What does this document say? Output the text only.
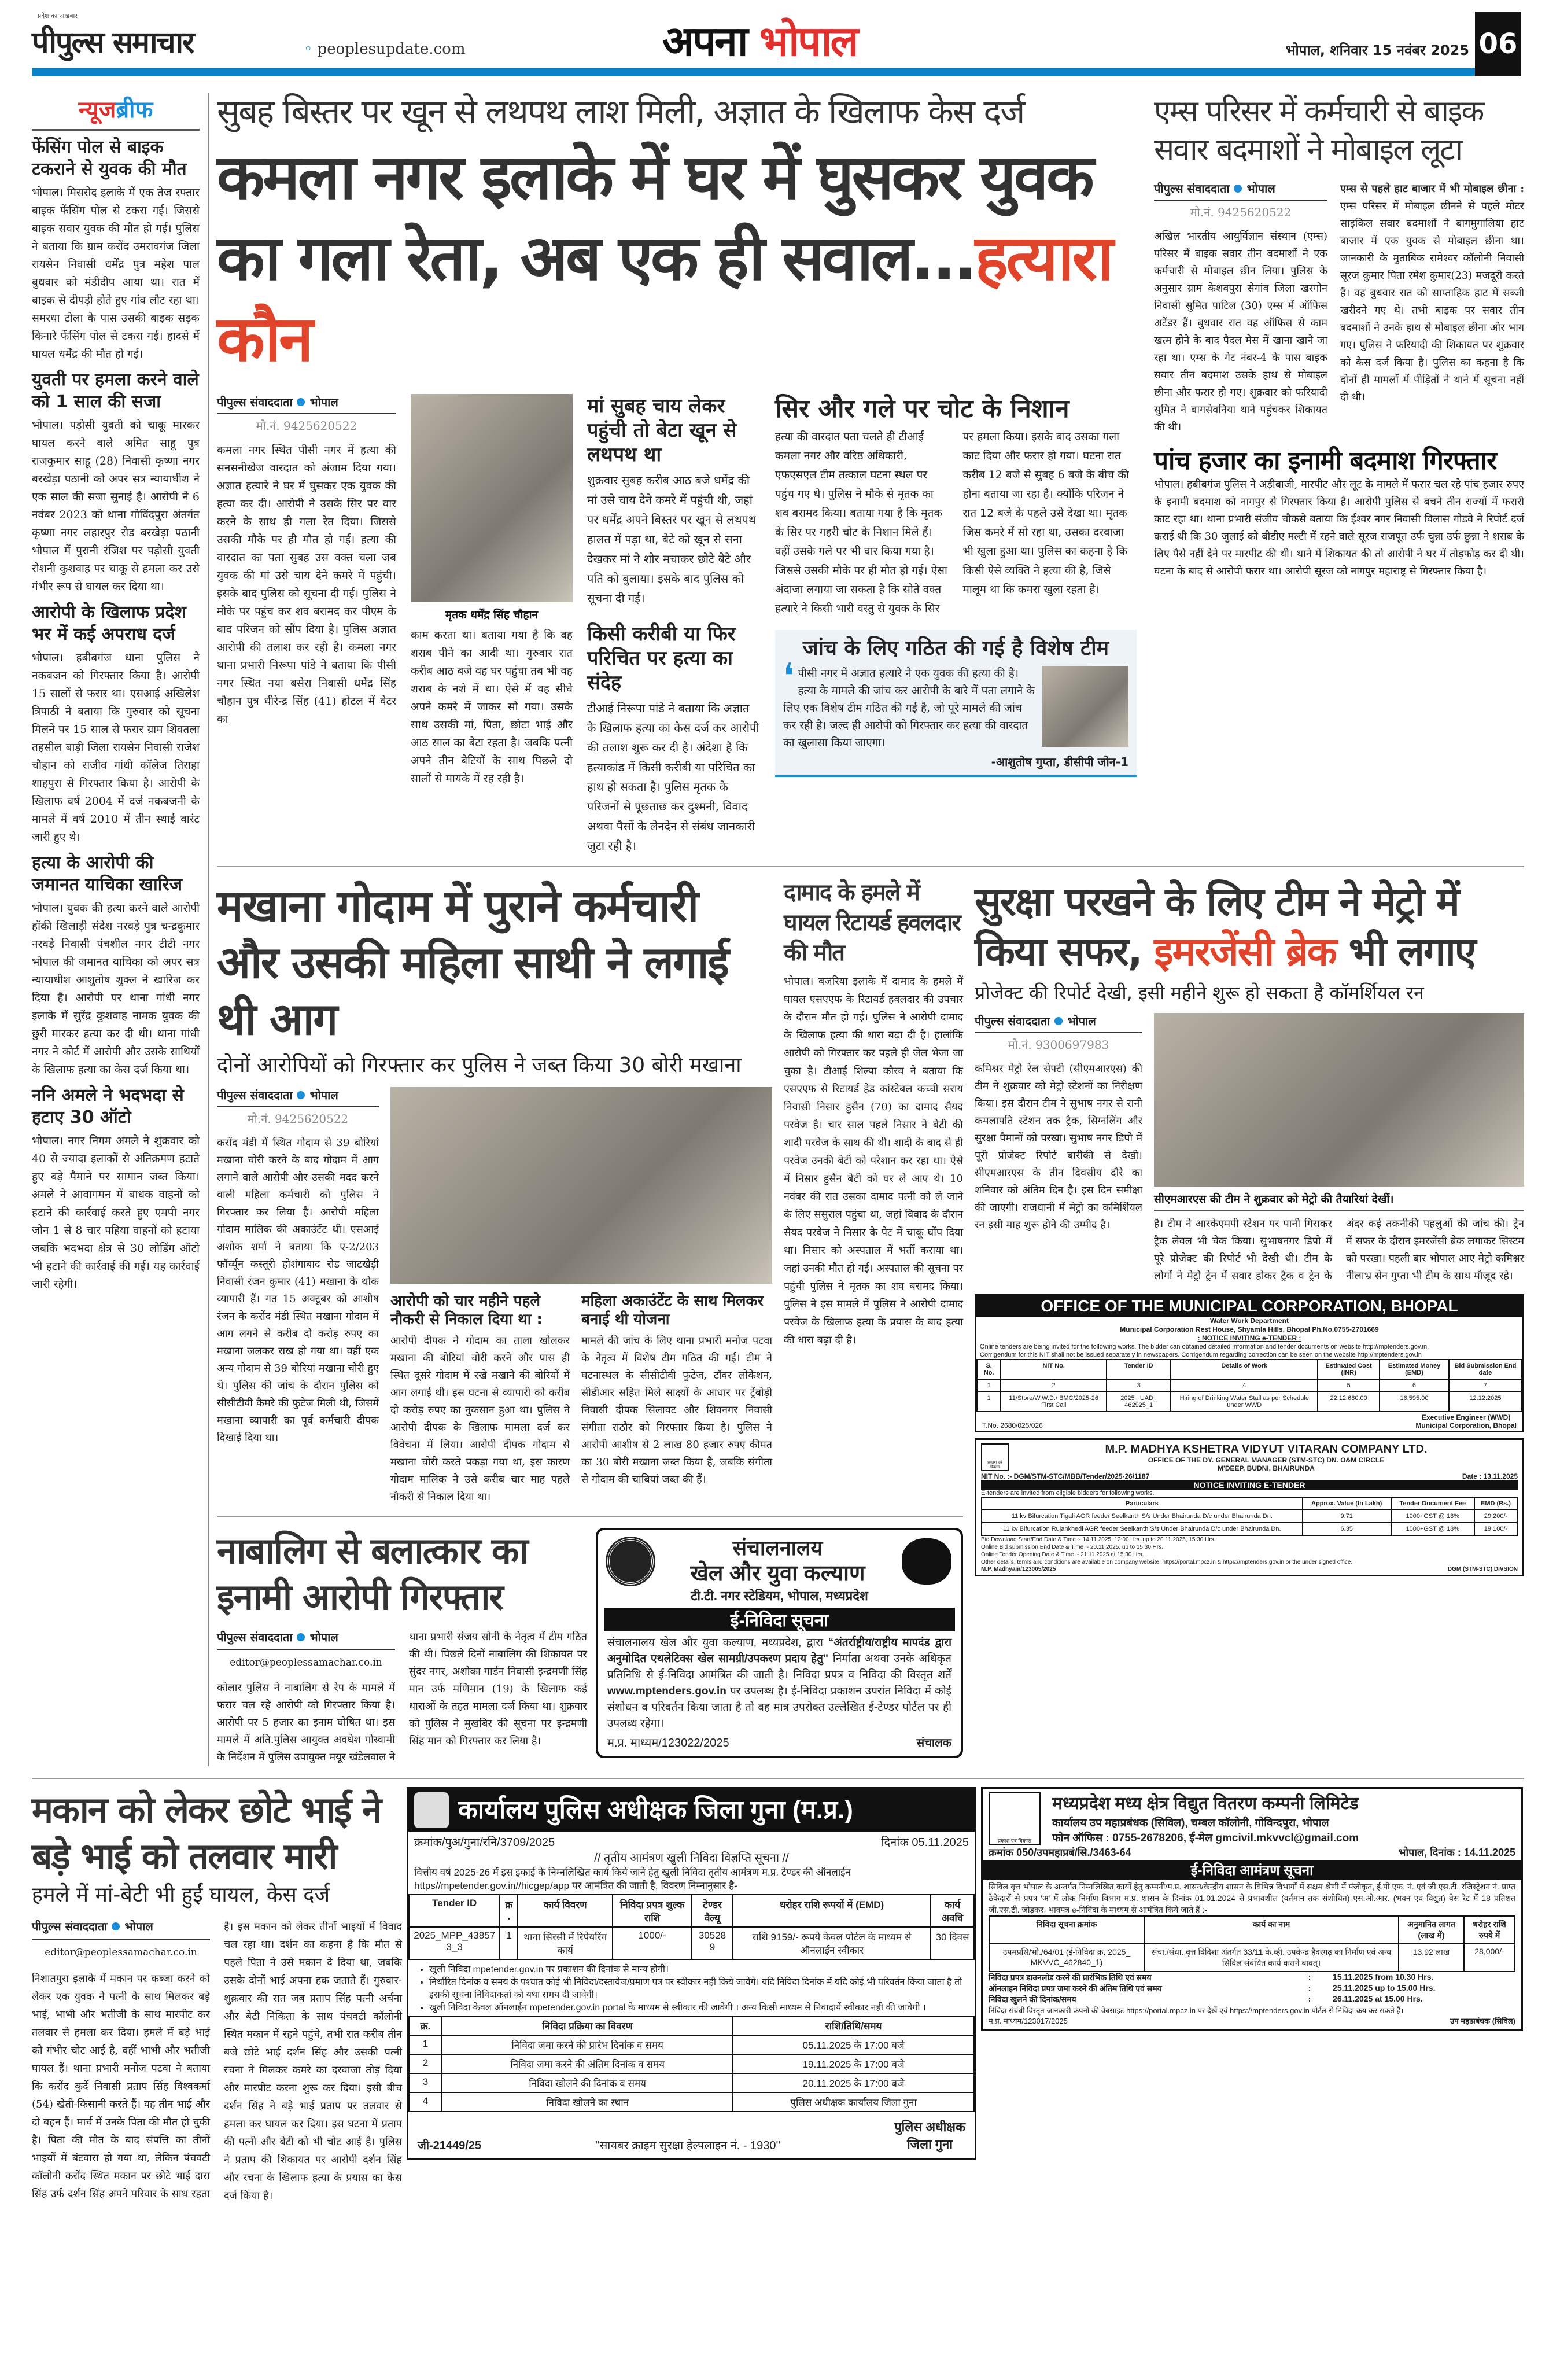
प्रदेश का अख़बार
पीपुल्स समाचार	◦ peoplesupdate.com	अपना भोपाल	भोपाल, शनिवार 15 नवंबर 2025 06
न्यूजब्रीफ
फेंसिंग पोल से बाइक टकराने से युवक की मौत
भोपाल। मिसरोद इलाके में एक तेज रफ्तार बाइक फेंसिंग पोल से टकरा गई। जिससे बाइक सवार युवक की मौत हो गई। पुलिस ने बताया कि ग्राम करोंद उमरावगंज जिला रायसेन निवासी धर्मेंद्र पुत्र महेश पाल बुधवार को मंडीदीप आया था। रात में बाइक से दीपड़ी होते हुए गांव लौट रहा था। समरधा टोला के पास उसकी बाइक सड़क किनारे फेंसिंग पोल से टकरा गई। हादसे में घायल धर्मेंद्र की मौत हो गई।
युवती पर हमला करने वाले को 1 साल की सजा
भोपाल। पड़ोसी युवती को चाकू मारकर घायल करने वाले अमित साहू पुत्र राजकुमार साहू (28) निवासी कृष्णा नगर बरखेड़ा पठानी को अपर सत्र न्यायाधीश ने एक साल की सजा सुनाई है। आरोपी ने 6 नवंबर 2023 को थाना गोविंदपुरा अंतर्गत कृष्णा नगर लहारपुर रोड बरखेड़ा पठानी भोपाल में पुरानी रंजिश पर पड़ोसी युवती रोशनी कुशवाह पर चाकू से हमला कर उसे गंभीर रूप से घायल कर दिया था।
आरोपी के खिलाफ प्रदेश भर में कई अपराध दर्ज
भोपाल। हबीबगंज थाना पुलिस ने नकबजन को गिरफ्तार किया है। आरोपी 15 सालों से फरार था। एसआई अखिलेश त्रिपाठी ने बताया कि गुरुवार को सूचना मिलने पर 15 साल से फरार ग्राम शिवतला तहसील बाड़ी जिला रायसेन निवासी राजेश चौहान को राजीव गांधी कॉलेज तिराहा शाहपुरा से गिरफ्तार किया है। आरोपी के खिलाफ वर्ष 2004 में दर्ज नकबजनी के मामले में वर्ष 2010 में तीन स्थाई वारंट जारी हुए थे।
हत्या के आरोपी की जमानत याचिका खारिज
भोपाल। युवक की हत्या करने वाले आरोपी हॉकी खिलाड़ी संदेश नरवड़े पुत्र चन्द्रकुमार नरवड़े निवासी पंचशील नगर टीटी नगर भोपाल की जमानत याचिका को अपर सत्र न्यायाधीश आशुतोष शुक्ल ने खारिज कर दिया है। आरोपी पर थाना गांधी नगर इलाके में सुरेंद्र कुशवाह नामक युवक की छुरी मारकर हत्या कर दी थी। थाना गांधी नगर ने कोर्ट में आरोपी और उसके साथियों के खिलाफ हत्या का केस दर्ज किया था।
ननि अमले ने भदभदा से हटाए 30 ऑटो
भोपाल। नगर निगम अमले ने शुक्रवार को 40 से ज्यादा इलाकों से अतिक्रमण हटाते हुए बड़े पैमाने पर सामान जब्त किया। अमले ने आवागमन में बाधक वाहनों को हटाने की कार्रवाई करते हुए एमपी नगर जोन 1 से 8 चार पहिया वाहनों को हटाया जबकि भदभदा क्षेत्र से 30 लोडिंग ऑटो भी हटाने की कार्रवाई की गई। यह कार्रवाई जारी रहेगी।
सुबह बिस्तर पर खून से लथपथ लाश मिली, अज्ञात के खिलाफ केस दर्ज
कमला नगर इलाके में घर में घुसकर युवक का गला रेता, अब एक ही सवाल...हत्यारा कौन
पीपुल्स संवाददाता भोपाल
मो.नं. 9425620522
कमला नगर स्थित पीसी नगर में हत्या की सनसनीखेज वारदात को अंजाम दिया गया। अज्ञात हत्यारे ने घर में घुसकर एक युवक की हत्या कर दी। आरोपी ने उसके सिर पर वार करने के साथ ही गला रेत दिया। जिससे उसकी मौके पर ही मौत हो गई। हत्या की वारदात का पता सुबह उस वक्त चला जब युवक की मां उसे चाय देने कमरे में पहुंची। इसके बाद पुलिस को सूचना दी गई। पुलिस ने मौके पर पहुंच कर शव बरामद कर पीएम के बाद परिजन को सौंप दिया है। पुलिस अज्ञात आरोपी की तलाश कर रही है। कमला नगर थाना प्रभारी निरूपा पांडे ने बताया कि पीसी नगर स्थित नया बसेरा निवासी धर्मेंद्र सिंह चौहान पुत्र धीरेन्द्र सिंह (41) होटल में वेटर का
मृतक धर्मेंद्र सिंह चौहान
काम करता था। बताया गया है कि वह शराब पीने का आदी था। गुरुवार रात करीब आठ बजे वह घर पहुंचा तब भी वह शराब के नशे में था। ऐसे में वह सीधे अपने कमरे में जाकर सो गया। उसके साथ उसकी मां, पिता, छोटा भाई और आठ साल का बेटा रहता है। जबकि पत्नी अपने तीन बेटियों के साथ पिछले दो सालों से मायके में रह रही है।
मां सुबह चाय लेकर पहुंची तो बेटा खून से लथपथ था
शुक्रवार सुबह करीब आठ बजे धर्मेंद्र की मां उसे चाय देने कमरे में पहुंची थी, जहां पर धर्मेंद्र अपने बिस्तर पर खून से लथपथ हालत में पड़ा था, बेटे को खून से सना देखकर मां ने शोर मचाकर छोटे बेटे और पति को बुलाया। इसके बाद पुलिस को सूचना दी गई।
किसी करीबी या फिर परिचित पर हत्या का संदेह
टीआई निरूपा पांडे ने बताया कि अज्ञात के खिलाफ हत्या का केस दर्ज कर आरोपी की तलाश शुरू कर दी है। अंदेशा है कि हत्याकांड में किसी करीबी या परिचित का हाथ हो सकता है। पुलिस मृतक के परिजनों से पूछताछ कर दुश्मनी, विवाद अथवा पैसों के लेनदेन से संबंध जानकारी जुटा रही है।
सिर और गले पर चोट के निशान
हत्या की वारदात पता चलते ही टीआई कमला नगर और वरिष्ठ अधिकारी, एफएसएल टीम तत्काल घटना स्थल पर पहुंच गए थे। पुलिस ने मौके से मृतक का शव बरामद किया। बताया गया है कि मृतक के सिर पर गहरी चोट के निशान मिले हैं। वहीं उसके गले पर भी वार किया गया है। जिससे उसकी मौके पर ही मौत हो गई। ऐसा अंदाजा लगाया जा सकता है कि सोते वक्त हत्यारे ने किसी भारी वस्तु से युवक के सिर पर हमला किया। इसके बाद उसका गला काट दिया और फरार हो गया। घटना रात करीब 12 बजे से सुबह 6 बजे के बीच की होना बताया जा रहा है। क्योंकि परिजन ने रात 12 बजे के पहले उसे देखा था। मृतक जिस कमरे में सो रहा था, उसका दरवाजा भी खुला हुआ था। पुलिस का कहना है कि किसी ऐसे व्यक्ति ने हत्या की है, जिसे मालूम था कि कमरा खुला रहता है।
जांच के लिए गठित की गई है विशेष टीम
❛ पीसी नगर में अज्ञात हत्यारे ने एक युवक की हत्या की है। हत्या के मामले की जांच कर आरोपी के बारे में पता लगाने के लिए एक विशेष टीम गठित की गई है, जो पूरे मामले की जांच कर रही है। जल्द ही आरोपी को गिरफ्तार कर हत्या की वारदात का खुलासा किया जाएगा।
-आशुतोष गुप्ता, डीसीपी जोन-1
एम्स परिसर में कर्मचारी से बाइक सवार बदमाशों ने मोबाइल लूटा
पीपुल्स संवाददाता भोपाल
मो.नं. 9425620522
अखिल भारतीय आयुर्विज्ञान संस्थान (एम्स) परिसर में बाइक सवार तीन बदमाशों ने एक कर्मचारी से मोबाइल छीन लिया। पुलिस के अनुसार ग्राम केशवपुरा सेगांव जिला खरगोन निवासी सुमित पाटिल (30) एम्स में ऑफिस अटेंडर हैं। बुधवार रात वह ऑफिस से काम खत्म होने के बाद पैदल मेस में खाना खाने जा रहा था। एम्स के गेट नंबर-4 के पास बाइक सवार तीन बदमाश उसके हाथ से मोबाइल छीना और फरार हो गए। शुक्रवार को फरियादी सुमित ने बागसेवनिया थाने पहुंचकर शिकायत की थी।
एम्स से पहले हाट बाजार में भी मोबाइल छीना : एम्स परिसर में मोबाइल छीनने से पहले मोटर साइकिल सवार बदमाशों ने बागमुगालिया हाट बाजार में एक युवक से मोबाइल छीना था। जानकारी के मुताबिक रामेश्वर कॉलोनी निवासी सूरज कुमार पिता रमेश कुमार(23) मजदूरी करते हैं। वह बुधवार रात को साप्ताहिक हाट में सब्जी खरीदने गए थे। तभी बाइक पर सवार तीन बदमाशों ने उनके हाथ से मोबाइल छीना ओर भाग गए। पुलिस ने फरियादी की शिकायत पर शुक्रवार को केस दर्ज किया है। पुलिस का कहना है कि दोनों ही मामलों में पीड़ितों ने थाने में सूचना नहीं दी थी।
पांच हजार का इनामी बदमाश गिरफ्तार
भोपाल। हबीबगंज पुलिस ने अड़ीबाजी, मारपीट और लूट के मामले में फरार चल रहे पांच हजार रुपए के इनामी बदमाश को नागपुर से गिरफ्तार किया है। आरोपी पुलिस से बचने तीन राज्यों में फरारी काट रहा था। थाना प्रभारी संजीव चौकसे बताया कि ईश्वर नगर निवासी विलास गोडवे ने रिपोर्ट दर्ज कराई थी कि 30 जुलाई को बीडीए मल्टी में रहने वाले सूरज राजपूत उर्फ चुन्ना उर्फ छुन्ना ने शराब के लिए पैसे नहीं देने पर मारपीट की थी। थाने में शिकायत की तो आरोपी ने घर में तोड़फोड़ कर दी थी। घटना के बाद से आरोपी फरार था। आरोपी सूरज को नागपुर महाराष्ट्र से गिरफ्तार किया है।
मखाना गोदाम में पुराने कर्मचारी और उसकी महिला साथी ने लगाई थी आग
दोनों आरोपियों को गिरफ्तार कर पुलिस ने जब्त किया 30 बोरी मखाना
पीपुल्स संवाददाता भोपाल
मो.नं. 9425620522
करोंद मंडी में स्थित गोदाम से 39 बोरियां मखाना चोरी करने के बाद गोदाम में आग लगाने वाले आरोपी और उसकी मदद करने वाली महिला कर्मचारी को पुलिस ने गिरफ्तार कर लिया है। आरोपी महिला गोदाम मालिक की अकाउंटेंट थी। एसआई अशोक शर्मा ने बताया कि ए-2/203 फॉर्च्यून कस्तूरी होशंगाबाद रोड जाटखेड़ी निवासी रंजन कुमार (41) मखाना के थोक व्यापारी हैं। गत 15 अक्टूबर को आशीष रंजन के करोंद मंडी स्थित मखाना गोदाम में आग लगने से करीब दो करोड़ रुपए का मखाना जलकर राख हो गया था। वहीं एक अन्य गोदाम से 39 बोरियां मखाना चोरी हुए थे। पुलिस की जांच के दौरान पुलिस को सीसीटीवी कैमरे की फुटेज मिली थी, जिसमें मखाना व्यापारी का पूर्व कर्मचारी दीपक दिखाई दिया था।
आरोपी को चार महीने पहले नौकरी से निकाल दिया था :
आरोपी दीपक ने गोदाम का ताला खोलकर मखाना की बोरियां चोरी करने और पास ही स्थित दूसरे गोदाम में रखे मखाने की बोरियों में आग लगाई थी। इस घटना से व्यापारी को करीब दो करोड़ रुपए का नुकसान हुआ था। पुलिस ने आरोपी दीपक के खिलाफ मामला दर्ज कर विवेचना में लिया। आरोपी दीपक गोदाम से मखाना चोरी करते पकड़ा गया था, इस कारण गोदाम मालिक ने उसे करीब चार माह पहले नौकरी से निकाल दिया था।
महिला अकाउंटेंट के साथ मिलकर बनाई थी योजना
मामले की जांच के लिए थाना प्रभारी मनोज पटवा के नेतृत्व में विशेष टीम गठित की गई। टीम ने घटनास्थल के सीसीटीवी फुटेज, टॉवर लोकेशन, सीडीआर सहित मिले साक्ष्यों के आधार पर ट्रेंबोड़ी निवासी दीपक सिलावट और शिवनगर निवासी संगीता राठौर को गिरफ्तार किया है। पुलिस ने आरोपी आशीष से 2 लाख 80 हजार रुपए कीमत का 30 बोरी मखाना जब्त किया है, जबकि संगीता से गोदाम की चाबियां जब्त की हैं।
दामाद के हमले में घायल रिटायर्ड हवलदार की मौत
भोपाल। बजरिया इलाके में दामाद के हमले में घायल एसएएफ के रिटायर्ड हवलदार की उपचार के दौरान मौत हो गई। पुलिस ने आरोपी दामाद के खिलाफ हत्या की धारा बढ़ा दी है। हालांकि आरोपी को गिरफ्तार कर पहले ही जेल भेजा जा चुका है। टीआई शिल्पा कौरव ने बताया कि एसएएफ से रिटायर्ड हेड कांस्टेबल कच्ची सराय निवासी निसार हुसैन (70) का दामाद सैयद परवेज है। चार साल पहले निसार ने बेटी की शादी परवेज के साथ की थी। शादी के बाद से ही परवेज उनकी बेटी को परेशान कर रहा था। ऐसे में निसार हुसैन बेटी को घर ले आए थे। 10 नवंबर की रात उसका दामाद पत्नी को ले जाने के लिए ससुराल पहुंचा था, जहां विवाद के दौरान सैयद परवेज ने निसार के पेट में चाकू घोंप दिया था। निसार को अस्पताल में भर्ती कराया था। जहां उनकी मौत हो गई। अस्पताल की सूचना पर पहुंची पुलिस ने मृतक का शव बरामद किया। पुलिस ने इस मामले में पुलिस ने आरोपी दामाद परवेज के खिलाफ हत्या के प्रयास के बाद हत्या की धारा बढ़ा दी है।
नाबालिग से बलात्कार का इनामी आरोपी गिरफ्तार
पीपुल्स संवाददाता भोपाल
editor@peoplessamachar.co.in
कोलार पुलिस ने नाबालिग से रेप के मामले में फरार चल रहे आरोपी को गिरफ्तार किया है। आरोपी पर 5 हजार का इनाम घोषित था। इस मामले में अति.पुलिस आयुक्त अवधेश गोस्वामी के निर्देशन में पुलिस उपायुक्त मयूर खंडेलवाल ने थाना प्रभारी संजय सोनी के नेतृत्व में टीम गठित की थी। पिछले दिनों नाबालिग की शिकायत पर सुंदर नगर, अशोका गार्डन निवासी इन्द्रमणी सिंह मान उर्फ मणिमान (19) के खिलाफ कई धाराओं के तहत मामला दर्ज किया था। शुक्रवार को पुलिस ने मुखबिर की सूचना पर इन्द्रमणी सिंह मान को गिरफ्तार कर लिया है।
संचालनालय
खेल और युवा कल्याण
टी.टी. नगर स्टेडियम, भोपाल, मध्यप्रदेश
ई-निविदा सूचना
संचालनालय खेल और युवा कल्याण, मध्यप्रदेश, द्वारा “अंतर्राष्ट्रीय/राष्ट्रीय मापदंड द्वारा अनुमोदित एथलेटिक्स खेल सामग्री/उपकरण प्रदाय हेतु" निर्माता अथवा उनके अधिकृत प्रतिनिधि से ई-निविदा आमंत्रित की जाती है। निविदा प्रपत्र व निविदा की विस्तृत शर्तें www.mptenders.gov.in पर उपलब्ध है। ई-निविदा प्रकाशन उपरांत निविदा में कोई संशोधन व परिवर्तन किया जाता है तो वह मात्र उपरोक्त उल्लेखित ई-टेण्डर पोर्टल पर ही उपलब्ध रहेगा।
म.प्र. माध्यम/123022/2025	संचालक
सुरक्षा परखने के लिए टीम ने मेट्रो में किया सफर, इमरजेंसी ब्रेक भी लगाए
प्रोजेक्ट की रिपोर्ट देखी, इसी महीने शुरू हो सकता है कॉमर्शियल रन
पीपुल्स संवाददाता भोपाल
मो.नं. 9300697983
कमिश्नर मेट्रो रेल सेफ्टी (सीएमआरएस) की टीम ने शुक्रवार को मेट्रो स्टेशनों का निरीक्षण किया। इस दौरान टीम ने सुभाष नगर से रानी कमलापति स्टेशन तक ट्रैक, सिग्नलिंग और सुरक्षा पैमानों को परखा। सुभाष नगर डिपो में पूरी प्रोजेक्ट रिपोर्ट बारीकी से देखी। सीएमआरएस के तीन दिवसीय दौरे का शनिवार को अंतिम दिन है। इस दिन समीक्षा की जाएगी। राजधानी में मेट्रो का कमिर्शियल रन इसी माह शुरू होने की उम्मीद है।
सीएमआरएस की टीम ने शुक्रवार को मेट्रो की तैयारियां देखीं।
है। टीम ने आरकेएमपी स्टेशन पर पानी गिराकर ट्रैक लेवल भी चेक किया। सुभाषनगर डिपो में पूरे प्रोजेक्ट की रिपोर्ट भी देखी थी। टीम के लोगों ने मेट्रो ट्रेन में सवार होकर ट्रैक व ट्रेन के अंदर कई तकनीकी पहलुओं की जांच की। ट्रेन में सफर के दौरान इमरजेंसी ब्रेक लगाकर सिस्टम को परखा। पहली बार भोपाल आए मेट्रो कमिश्नर नीलाभ्र सेन गुप्ता भी टीम के साथ मौजूद रहे।
OFFICE OF THE MUNICIPAL CORPORATION, BHOPAL
Water Work Department
Municipal Corporation Rest House, Shyamla Hills, Bhopal Ph.No.0755-2701669
: NOTICE INVITING e-TENDER :
Online tenders are being invited for the following works. The bidder can obtained detailed information and tender documents on website http://mptenders.gov.in.
Corrigendum for this NIT shall not be issued separately in newspapers. Corrigendum regarding correction can be seen on the website http://mptenders.gov.in
S. No.	NIT No.	Tender ID	Details of Work	Estimated Cost (INR)	Estimated Money (EMD)	Bid Submission End date
1	2	3	4	5	6	7
1	11/Store/W.W.D./ BMC/2025-26 First Call	2025_ UAD_ 462925_1	Hiring of Drinking Water Stall as per Schedule under WWD	22,12,680.00	16,595.00	12.12.2025
T.No. 2680/025/026
Executive Engineer (WWD)
Municipal Corporation, Bhopal
प्रकाश एवं विकास
M.P. MADHYA KSHETRA VIDYUT VITARAN COMPANY LTD.
OFFICE OF THE DY. GENERAL MANAGER (STM-STC) DN. O&M CIRCLE
M'DEEP, BUDNI, BHAIRUNDA
NIT No. :- DGM/STM-STC/MBB/Tender/2025-26/1187	Date : 13.11.2025
NOTICE INVITING E-TENDER
E-tenders are invited from eligible bidders for following works.
Particulars	Approx. Value (In Lakh)	Tender Document Fee	EMD (Rs.)
11 kv Bifurcation Tigali AGR feeder Seelkanth S/s Under Bhairunda D/c under Bhairunda Dn.	9.71	1000+GST @ 18%	29,200/-
11 kv Bifurcation Rujankhedi AGR feeder Seelkanth S/s Under Bhairunda D/c under Bhairunda Dn.	6.35	1000+GST @ 18%	19,100/-
Bid Download Start/End Date & Time :- 14.11.2025, 12:00 Hrs. up to 20.11.2025, 15:30 Hrs.
Online Bid submission End Date & Time :- 20.11.2025, up to 15:30 Hrs.
Online Tender Opening Date & Time :- 21.11.2025 at 15:30 Hrs.
Other details, terms and conditions are available on company website: https://portal.mpcz.in & https://mptenders.gov.in or the under signed office.
M.P. Madhyam/123005/2025	DGM (STM-STC) DIVSION
मकान को लेकर छोटे भाई ने बड़े भाई को तलवार मारी
हमले में मां-बेटी भी हुईं घायल, केस दर्ज
पीपुल्स संवाददाता भोपाल
editor@peoplessamachar.co.in
निशातपुरा इलाके में मकान पर कब्जा करने को लेकर एक युवक ने पत्नी के साथ मिलकर बड़े भाई, भाभी और भतीजी के साथ मारपीट कर तलवार से हमला कर दिया। हमले में बड़े भाई को गंभीर चोट आई है, वहीं भाभी और भतीजी घायल हैं। थाना प्रभारी मनोज पटवा ने बताया कि करोंद कुर्दे निवासी प्रताप सिंह विश्वकर्मा (54) खेती-किसानी करते हैं। वह तीन भाई और दो बहन हैं। मार्च में उनके पिता की मौत हो चुकी है। पिता की मौत के बाद संपत्ति का तीनों भाइयों में बंटवारा हो गया था, लेकिन पंचवटी कॉलोनी करोंद स्थित मकान पर छोटे भाई दारा सिंह उर्फ दर्शन सिंह अपने परिवार के साथ रहता है। इस मकान को लेकर तीनों भाइयों में विवाद चल रहा था। दर्शन का कहना है कि मौत से पहले पिता ने उसे मकान दे दिया था, जबकि उसके दोनों भाई अपना हक जताते हैं। गुरुवार-शुक्रवार की रात जब प्रताप सिंह पत्नी अर्चना और बेटी निकिता के साथ पंचवटी कॉलोनी स्थित मकान में रहने पहुंचे, तभी रात करीब तीन बजे छोटे भाई दर्शन सिंह और उसकी पत्नी रचना ने मिलकर कमरे का दरवाजा तोड़ दिया और मारपीट करना शुरू कर दिया। इसी बीच दर्शन सिंह ने बड़े भाई प्रताप पर तलवार से हमला कर घायल कर दिया। इस घटना में प्रताप की पत्नी और बेटी को भी चोट आई है। पुलिस ने प्रताप की शिकायत पर आरोपी दर्शन सिंह और रचना के खिलाफ हत्या के प्रयास का केस दर्ज किया है।
कार्यालय पुलिस अधीक्षक जिला गुना (म.प्र.)
क्रमांक/पुअ/गुना/रनि/3709/2025	दिनांक 05.11.2025
// तृतीय आमंत्रण खुली निविदा विज्ञप्ति सूचना //
वित्तीय वर्ष 2025-26 में इस इकाई के निम्नलिखित कार्य किये जाने हेतु खुली निविदा तृतीय आमंत्रण म.प्र. टेण्डर की ऑनलाईन https//mpetender.gov.in//hicgep/app पर आमंत्रित की जाती है, विवरण निम्नानुसार है-
Tender ID	क्र.	कार्य विवरण	निविदा प्रपत्र शुल्क राशि	टेण्डर वैल्यू	धरोहर राशि रूपयों में (EMD)	कार्य अवधि
2025_MPP_438573_3	1	थाना सिरसी में रिपेयरिंग कार्य	1000/-	305289	राशि 9159/- रूपये केवल पोर्टल के माध्यम से ऑनलाईन स्वीकार	30 दिवस
• खुली निविदा mpetender.gov.in पर प्रकाशन की दिनांक से मान्य होगी।
• निर्धारित दिनांक व समय के पश्चात कोई भी निविदा/दस्तावेज/प्रमाण पत्र पर स्वीकार नही किये जावेंगे। यदि निविदा दिनांक में यदि कोई भी परिवर्तन किया जाता है तो इसकी सूचना निविदाकर्ता को यथा समय दी जावेगी।
• खुली निविदा केवल ऑनलाईन mpetender.gov.in portal के माध्यम से स्वीकार की जावेगी । अन्य किसी माध्यम से निवादायें स्वीकार नही की जावेगी ।
क्र.	निविदा प्रक्रिया का विवरण	राशि/तिथि/समय
1	निविदा जमा करने की प्रारंभ दिनांक व समय	05.11.2025 के 17:00 बजे
2	निविदा जमा करने की अंतिम दिनांक व समय	19.11.2025 के 17:00 बजे
3	निविदा खोलने की दिनांक व समय	20.11.2025 के 17:00 बजे
4	निविदा खोलने का स्थान	पुलिस अधीक्षक कार्यालय जिला गुना
जी-21449/25	''सायबर क्राइम सुरक्षा हेल्पलाइन नं. - 1930''
पुलिस अधीक्षक
जिला गुना
प्रकाश एवं विकास
मध्यप्रदेश मध्य क्षेत्र विद्युत वितरण कम्पनी लिमिटेड
कार्यालय उप महाप्रबंधक (सिविल), चम्बल कॉलोनी, गोविन्दपुरा, भोपाल
फोन ऑफिस : 0755-2678206, ई-मेल gmcivil.mkvvcl@gmail.com
क्रमांक 050/उपमहाप्रबं/सि./3463-64	भोपाल, दिनांक : 14.11.2025
ई-निविदा आमंत्रण सूचना
सिविल वृत्त भोपाल के अन्तर्गत निम्नलिखित कार्यों हेतु कम्पनी/म.प्र. शासन/केन्द्रीय शासन के विभिन्न विभागों में सक्षम श्रेणी में पंजीकृत, ई.पी.एफ. नं. एवं जी.एस.टी. रजिस्ट्रेशन नं. प्राप्त ठेकेदारों से प्रपत्र 'अ' में लोक निर्माण विभाग म.प्र. शासन के दिनांक 01.01.2024 से प्रभावशील (वर्तमान तक संशोधित) एस.ओ.आर. (भवन एवं विद्युत) बेस रेट में 18 प्रतिशत जी.एस.टी. जोड़कर, भावपत्र e-निविदा के माध्यम से आमंत्रित किये जाते हैं :-
निविदा सूचना क्रमांक	कार्य का नाम	अनुमानित लागत (लाख में)	धरोहर राशि रुपये में
उपमप्रसि/भो./64/01 (ई-निविदा क्र. 2025_ MKVVC_462840_1)	संचा./संधा. वृत्त विदिशा अंतर्गत 33/11 के.व्ही. उपकेन्द्र हैदरगढ़ का निर्माण एवं अन्य सिविल संबंधित कार्य कराने बावत्।	13.92 लाख	28,000/-
निविदा प्रपत्र डाउनलोड करने की प्रारंभिक तिथि एवं समय	:	15.11.2025 from 10.30 Hrs.
ऑनलाइन निविदा प्रपत्र जमा करने की अंतिम तिथि एवं समय	:	25.11.2025 up to 15.00 Hrs.
निविदा खुलने की दिनांक/समय	:	26.11.2025 at 15.00 Hrs.
निविदा संबंधी विस्तृत जानकारी कंपनी की वेबसाइट https://portal.mpcz.in पर देखें एवं https://mptenders.gov.in पोर्टल से निविदा क्रय कर सकते हैं।
म.प्र. माध्यम/123017/2025	उप महाप्रबंधक (सिविल)
